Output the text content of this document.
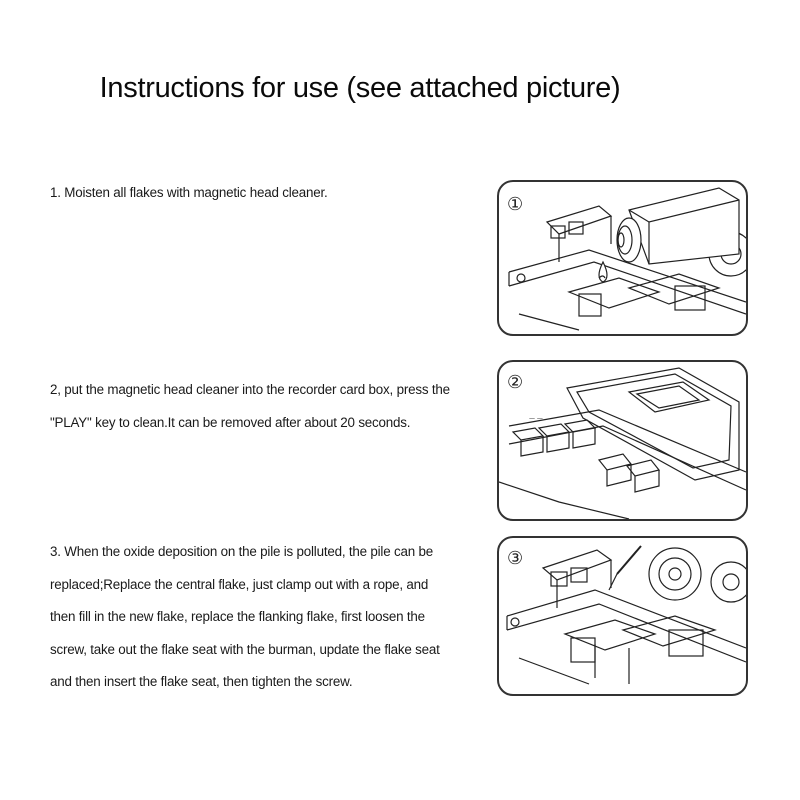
Instructions for use (see attached picture)

1. Moisten all flakes with magnetic head cleaner.

2, put the magnetic head cleaner into the recorder card box, press the

"PLAY" key to clean.It can be removed after about 20 seconds.

3. When the oxide deposition on the pile is polluted, the pile can be

replaced;Replace the central flake, just clamp out with a rope, and

then fill in the new flake, replace the flanking flake, first loosen the

screw, take out the flake seat with the burman, update the flake seat

and then insert the flake seat, then tighten the screw.

①
②
— —
③
